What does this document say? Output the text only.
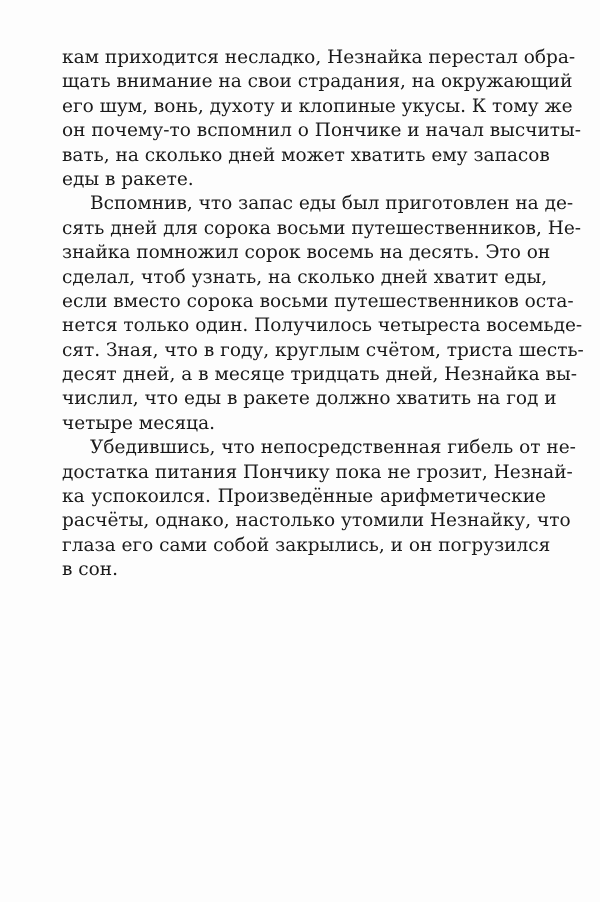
кам приходится несладко, Незнайка перестал обра-
щать внимание на свои страдания, на окружающий
его шум, вонь, духоту и клопиные укусы. К тому же
он почему-то вспомнил о Пончике и начал высчиты-
вать, на сколько дней может хватить ему запасов
еды в ракете.
Вспомнив, что запас еды был приготовлен на де-
сять дней для сорока восьми путешественников, Не-
знайка помножил сорок восемь на десять. Это он
сделал, чтоб узнать, на сколько дней хватит еды,
если вместо сорока восьми путешественников оста-
нется только один. Получилось четыреста восемьде-
сят. Зная, что в году, круглым счётом, триста шесть-
десят дней, а в месяце тридцать дней, Незнайка вы-
числил, что еды в ракете должно хватить на год и
четыре месяца.
Убедившись, что непосредственная гибель от не-
достатка питания Пончику пока не грозит, Незнай-
ка успокоился. Произведённые арифметические
расчёты, однако, настолько утомили Незнайку, что
глаза его сами собой закрылись, и он погрузился
в сон.
